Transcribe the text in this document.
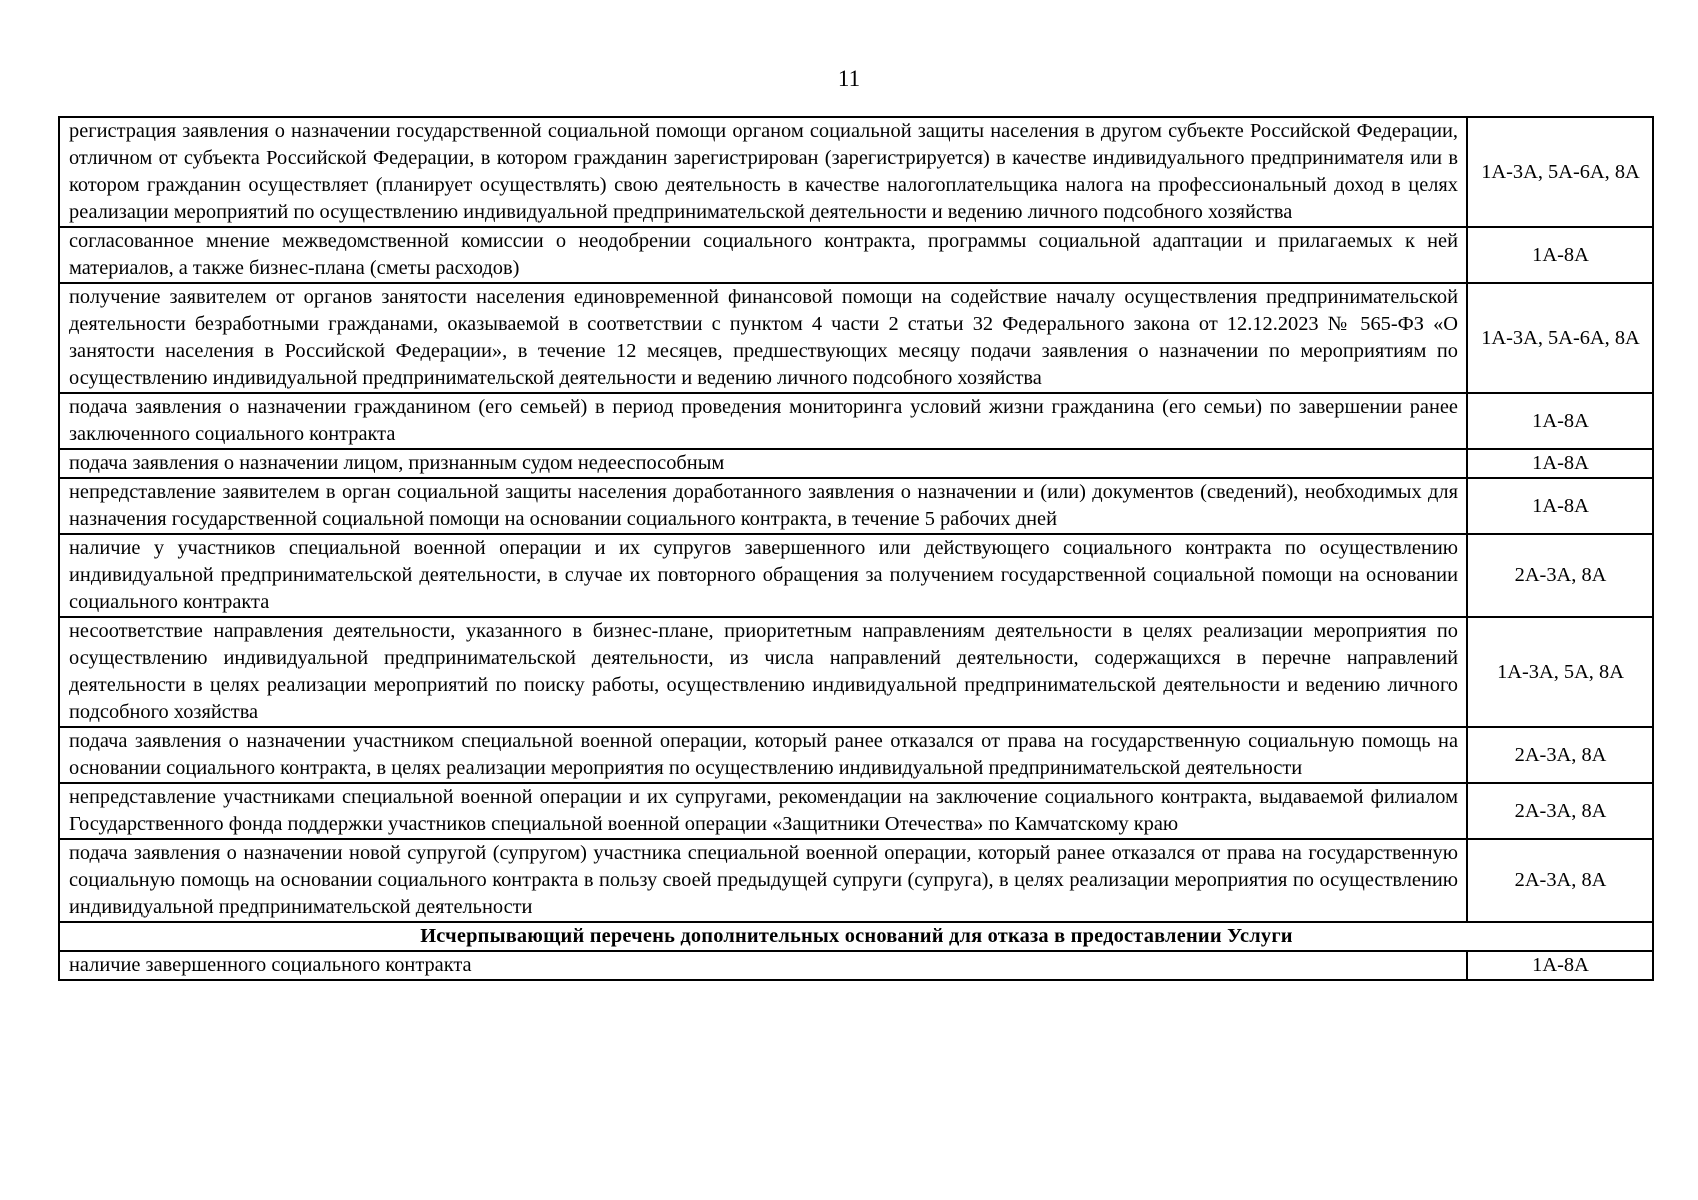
11
регистрация заявления о назначении государственной социальной помощи органом социальной защиты населения в другом субъекте Российской Федерации, отличном от субъекта Российской Федерации, в котором гражданин зарегистрирован (зарегистрируется) в качестве индивидуального предпринимателя или в котором гражданин осуществляет (планирует осуществлять) свою деятельность в качестве налогоплательщика налога на профессиональный доход в целях реализации мероприятий по осуществлению индивидуальной предпринимательской деятельности и ведению личного подсобного хозяйства	1А-3А, 5А-6А, 8А
согласованное мнение межведомственной комиссии о неодобрении социального контракта, программы социальной адаптации и прилагаемых к ней материалов, а также бизнес-плана (сметы расходов)	1А-8А
получение заявителем от органов занятости населения единовременной финансовой помощи на содействие началу осуществления предпринимательской деятельности безработными гражданами, оказываемой в соответствии с пунктом 4 части 2 статьи 32 Федерального закона от 12.12.2023 № 565-ФЗ «О занятости населения в Российской Федерации», в течение 12 месяцев, предшествующих месяцу подачи заявления о назначении по мероприятиям по осуществлению индивидуальной предпринимательской деятельности и ведению личного подсобного хозяйства	1А-3А, 5А-6А, 8А
подача заявления о назначении гражданином (его семьей) в период проведения мониторинга условий жизни гражданина (его семьи) по завершении ранее заключенного социального контракта	1А-8А
подача заявления о назначении лицом, признанным судом недееспособным	1А-8А
непредставление заявителем в орган социальной защиты населения доработанного заявления о назначении и (или) документов (сведений), необходимых для назначения государственной социальной помощи на основании социального контракта, в течение 5 рабочих дней	1А-8А
наличие у участников специальной военной операции и их супругов завершенного или действующего социального контракта по осуществлению индивидуальной предпринимательской деятельности, в случае их повторного обращения за получением государственной социальной помощи на основании социального контракта	2А-3А, 8А
несоответствие направления деятельности, указанного в бизнес-плане, приоритетным направлениям деятельности в целях реализации мероприятия по осуществлению индивидуальной предпринимательской деятельности, из числа направлений деятельности, содержащихся в перечне направлений деятельности в целях реализации мероприятий по поиску работы, осуществлению индивидуальной предпринимательской деятельности и ведению личного подсобного хозяйства	1А-3А, 5А, 8А
подача заявления о назначении участником специальной военной операции, который ранее отказался от права на государственную социальную помощь на основании социального контракта, в целях реализации мероприятия по осуществлению индивидуальной предпринимательской деятельности	2А-3А, 8А
непредставление участниками специальной военной операции и их супругами, рекомендации на заключение социального контракта, выдаваемой филиалом Государственного фонда поддержки участников специальной военной операции «Защитники Отечества» по Камчатскому краю	2А-3А, 8А
подача заявления о назначении новой супругой (супругом) участника специальной военной операции, который ранее отказался от права на государственную социальную помощь на основании социального контракта в пользу своей предыдущей супруги (супруга), в целях реализации мероприятия по осуществлению индивидуальной предпринимательской деятельности	2А-3А, 8А
Исчерпывающий перечень дополнительных оснований для отказа в предоставлении Услуги	
наличие завершенного социального контракта	1А-8А
